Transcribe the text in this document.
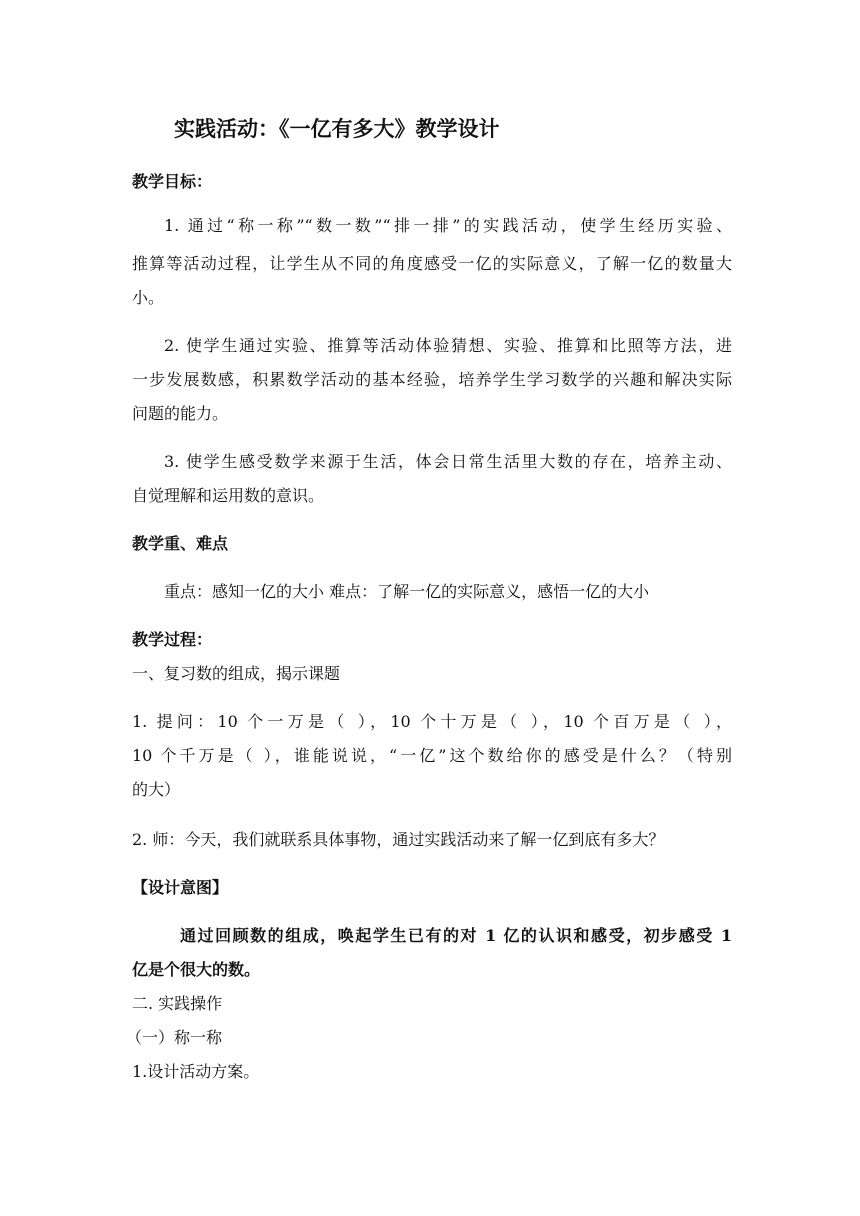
实践活动：《一亿有多大》教学设计
教学目标：
1. 通过“称一称”“数一数”“排一排”的实践活动，使学生经历实验、
推算等活动过程，让学生从不同的角度感受一亿的实际意义，了解一亿的数量大
小。
2. 使学生通过实验、推算等活动体验猜想、实验、推算和比照等方法，进
一步发展数感，积累数学活动的基本经验，培养学生学习数学的兴趣和解决实际
问题的能力。
3. 使学生感受数学来源于生活，体会日常生活里大数的存在，培养主动、
自觉理解和运用数的意识。
教学重、难点
重点：感知一亿的大小 难点：了解一亿的实际意义，感悟一亿的大小
教学过程：
一、复习数的组成，揭示课题
1. 提问：10 个一万是（ ），10 个十万是（ ），10 个百万是（ ），
10 个千万是（ ），谁能说说，“一亿”这个数给你的感受是什么？（特别
的大）
2. 师：今天，我们就联系具体事物，通过实践活动来了解一亿到底有多大？
【设计意图】
通过回顾数的组成，唤起学生已有的对 1 亿的认识和感受，初步感受 1
亿是个很大的数。
二. 实践操作
（一）称一称
1.设计活动方案。
